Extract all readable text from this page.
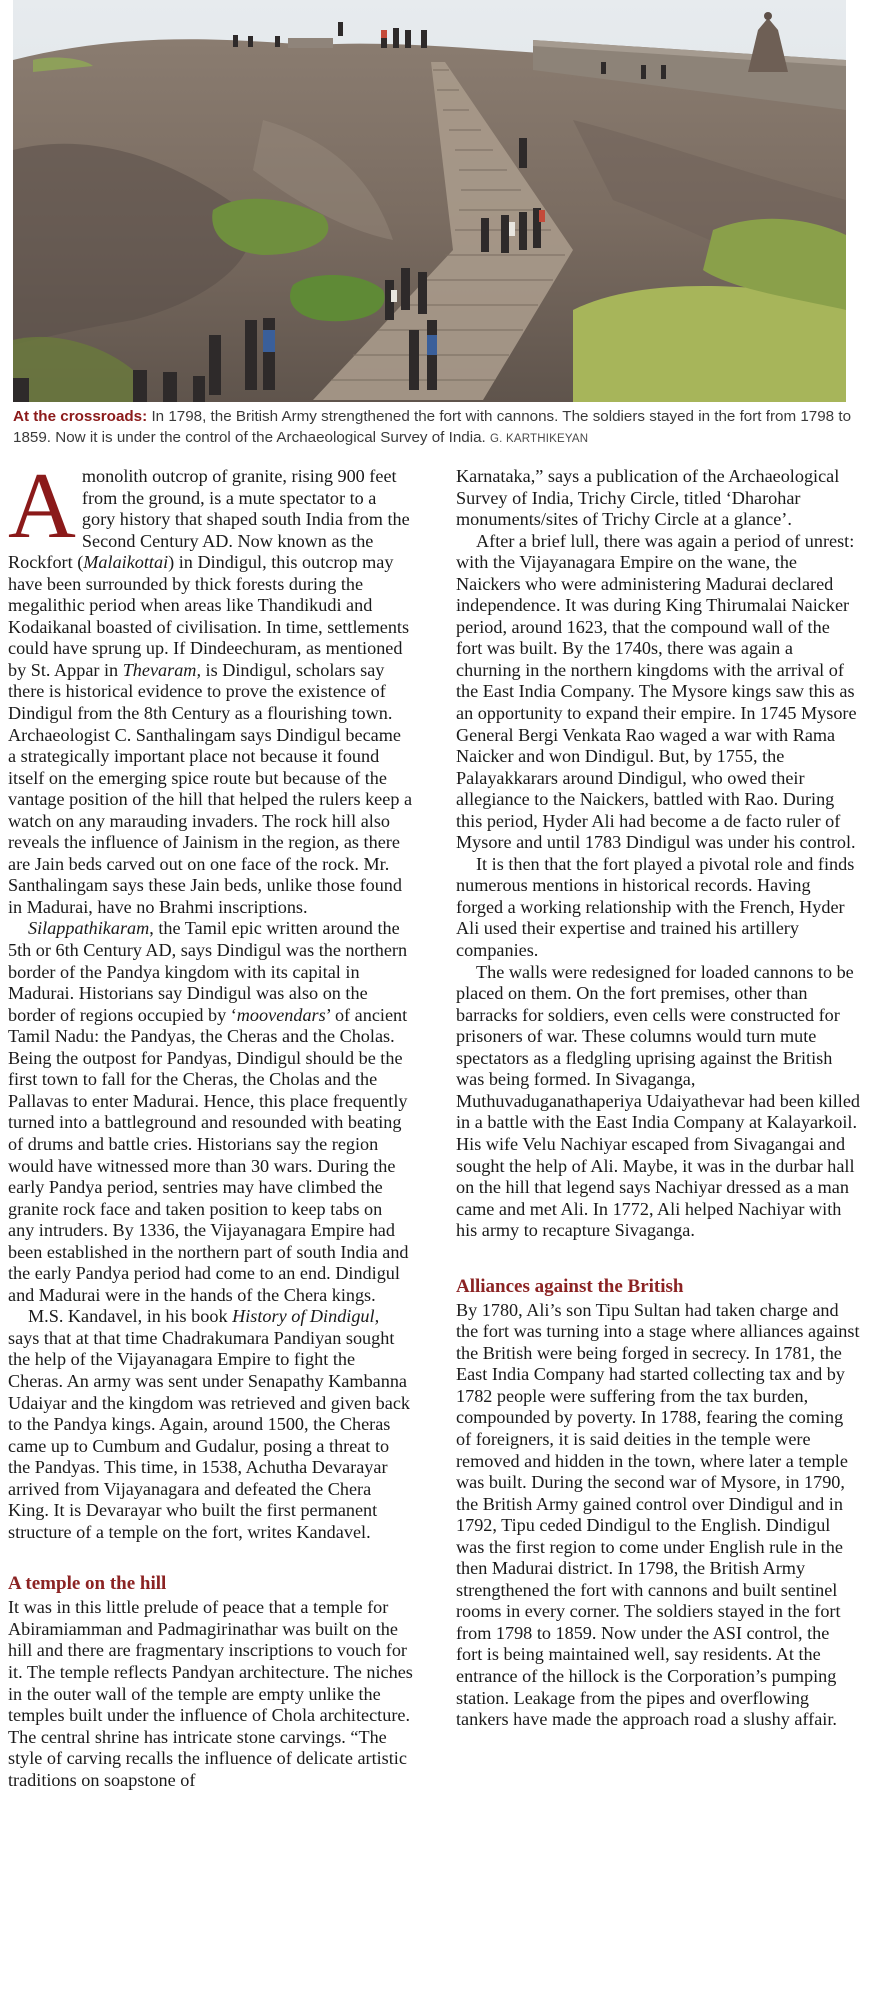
At the crossroads: In 1798, the British Army strengthened the fort with cannons. The soldiers stayed in the fort from 1798 to 1859. Now it is under the control of the Archaeological Survey of India. G. KARTHIKEYAN

Amonolith outcrop of granite, rising 900 feet from the ground, is a mute spectator to a gory history that shaped south India from the Second Century AD. Now known as the Rockfort (Malaikottai) in Dindigul, this outcrop may have been surrounded by thick forests during the megalithic period when areas like Thandikudi and Kodaikanal boasted of civilisation. In time, settlements could have sprung up. If Dindeechuram, as mentioned by St. Appar in Thevaram, is Dindigul, scholars say there is historical evidence to prove the existence of Dindigul from the 8th Century as a flourishing town. Archaeologist C. Santhalingam says Dindigul became a strategically important place not because it found itself on the emerging spice route but because of the vantage position of the hill that helped the rulers keep a watch on any marauding invaders. The rock hill also reveals the influence of Jainism in the region, as there are Jain beds carved out on one face of the rock. Mr. Santhalingam says these Jain beds, unlike those found in Madurai, have no Brahmi inscriptions.

Silappathikaram, the Tamil epic written around the 5th or 6th Century AD, says Dindigul was the northern border of the Pandya kingdom with its capital in Madurai. Historians say Dindigul was also on the border of regions occupied by ‘moovendars’ of ancient Tamil Nadu: the Pandyas, the Cheras and the Cholas. Being the outpost for Pandyas, Dindigul should be the first town to fall for the Cheras, the Cholas and the Pallavas to enter Madurai. Hence, this place frequently turned into a battleground and resounded with beating of drums and battle cries. Historians say the region would have witnessed more than 30 wars. During the early Pandya period, sentries may have climbed the granite rock face and taken position to keep tabs on any intruders. By 1336, the Vijayanagara Empire had been established in the northern part of south India and the early Pandya period had come to an end. Dindigul and Madurai were in the hands of the Chera kings.

M.S. Kandavel, in his book History of Dindigul, says that at that time Chadrakumara Pandiyan sought the help of the Vijayanagara Empire to fight the Cheras. An army was sent under Senapathy Kambanna Udaiyar and the kingdom was retrieved and given back to the Pandya kings. Again, around 1500, the Cheras came up to Cumbum and Gudalur, posing a threat to the Pandyas. This time, in 1538, Achutha Devarayar arrived from Vijayanagara and defeated the Chera King. It is Devarayar who built the first permanent structure of a temple on the fort, writes Kandavel.

A temple on the hill

It was in this little prelude of peace that a temple for Abiramiamman and Padmagirinathar was built on the hill and there are fragmentary inscriptions to vouch for it. The temple reflects Pandyan architecture. The niches in the outer wall of the temple are empty unlike the temples built under the influence of Chola architecture. The central shrine has intricate stone carvings. “The style of carving recalls the influence of delicate artistic traditions on soapstone of

Karnataka,” says a publication of the Archaeological Survey of India, Trichy Circle, titled ‘Dharohar monuments/sites of Trichy Circle at a glance’.

After a brief lull, there was again a period of unrest: with the Vijayanagara Empire on the wane, the Naickers who were administering Madurai declared independence. It was during King Thirumalai Naicker period, around 1623, that the compound wall of the fort was built. By the 1740s, there was again a churning in the northern kingdoms with the arrival of the East India Company. The Mysore kings saw this as an opportunity to expand their empire. In 1745 Mysore General Bergi Venkata Rao waged a war with Rama Naicker and won Dindigul. But, by 1755, the Palayakkarars around Dindigul, who owed their allegiance to the Naickers, battled with Rao. During this period, Hyder Ali had become a de facto ruler of Mysore and until 1783 Dindigul was under his control.

It is then that the fort played a pivotal role and finds numerous mentions in historical records. Having forged a working relationship with the French, Hyder Ali used their expertise and trained his artillery companies.

The walls were redesigned for loaded cannons to be placed on them. On the fort premises, other than barracks for soldiers, even cells were constructed for prisoners of war. These columns would turn mute spectators as a fledgling uprising against the British was being formed. In Sivaganga, Muthuvaduganathaperiya Udaiyathevar had been killed in a battle with the East India Company at Kalayarkoil. His wife Velu Nachiyar escaped from Sivagangai and sought the help of Ali. Maybe, it was in the durbar hall on the hill that legend says Nachiyar dressed as a man came and met Ali. In 1772, Ali helped Nachiyar with his army to recapture Sivaganga.

Alliances against the British

By 1780, Ali’s son Tipu Sultan had taken charge and the fort was turning into a stage where alliances against the British were being forged in secrecy. In 1781, the East India Company had started collecting tax and by 1782 people were suffering from the tax burden, compounded by poverty. In 1788, fearing the coming of foreigners, it is said deities in the temple were removed and hidden in the town, where later a temple was built. During the second war of Mysore, in 1790, the British Army gained control over Dindigul and in 1792, Tipu ceded Dindigul to the English. Dindigul was the first region to come under English rule in the then Madurai district. In 1798, the British Army strengthened the fort with cannons and built sentinel rooms in every corner. The soldiers stayed in the fort from 1798 to 1859. Now under the ASI control, the fort is being maintained well, say residents. At the entrance of the hillock is the Corporation’s pumping station. Leakage from the pipes and overflowing tankers have made the approach road a slushy affair.
